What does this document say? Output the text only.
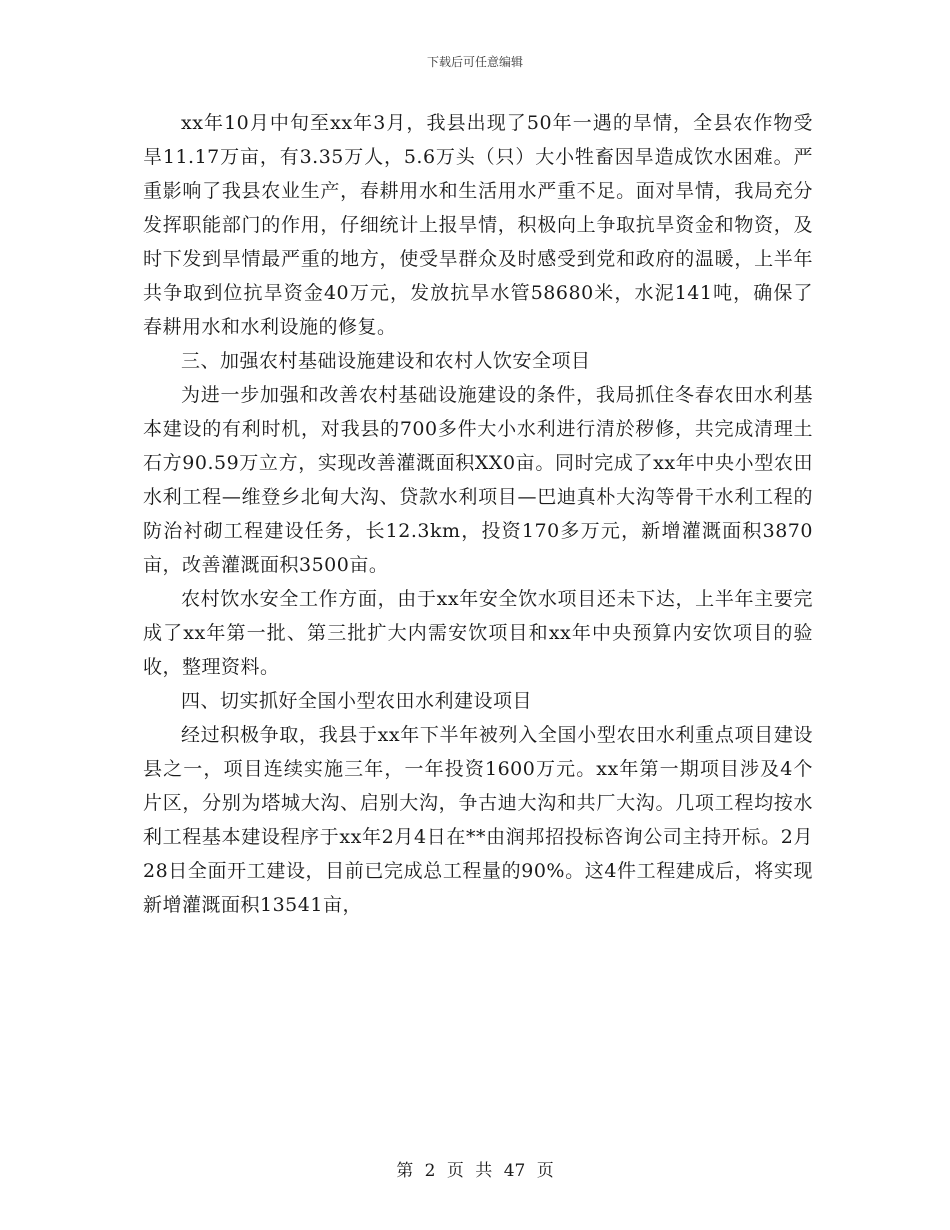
下载后可任意编辑

xx年10月中旬至xx年3月，我县出现了50年一遇的旱情，全县农作物受旱11.17万亩，有3.35万人，5.6万头（只）大小牲畜因旱造成饮水困难。严重影响了我县农业生产，春耕用水和生活用水严重不足。面对旱情，我局充分发挥职能部门的作用，仔细统计上报旱情，积极向上争取抗旱资金和物资，及时下发到旱情最严重的地方，使受旱群众及时感受到党和政府的温暖，上半年共争取到位抗旱资金40万元，发放抗旱水管58680米，水泥141吨，确保了春耕用水和水利设施的修复。

三、加强农村基础设施建设和农村人饮安全项目

为进一步加强和改善农村基础设施建设的条件，我局抓住冬春农田水利基本建设的有利时机，对我县的700多件大小水利进行清於秽修，共完成清理土石方90.59万立方，实现改善灌溉面积XX0亩。同时完成了xx年中央小型农田水利工程—维登乡北甸大沟、贷款水利项目—巴迪真朴大沟等骨干水利工程的防治衬砌工程建设任务，长12.3km，投资170多万元，新增灌溉面积3870亩，改善灌溉面积3500亩。

农村饮水安全工作方面，由于xx年安全饮水项目还未下达，上半年主要完成了xx年第一批、第三批扩大内需安饮项目和xx年中央预算内安饮项目的验收，整理资料。

四、切实抓好全国小型农田水利建设项目

经过积极争取，我县于xx年下半年被列入全国小型农田水利重点项目建设县之一，项目连续实施三年，一年投资1600万元。xx年第一期项目涉及4个片区，分别为塔城大沟、启别大沟，争古迪大沟和共厂大沟。几项工程均按水利工程基本建设程序于xx年2月4日在**由润邦招投标咨询公司主持开标。2月28日全面开工建设，目前已完成总工程量的90%。这4件工程建成后，将实现新增灌溉面积13541亩，

第 2 页 共 47 页
